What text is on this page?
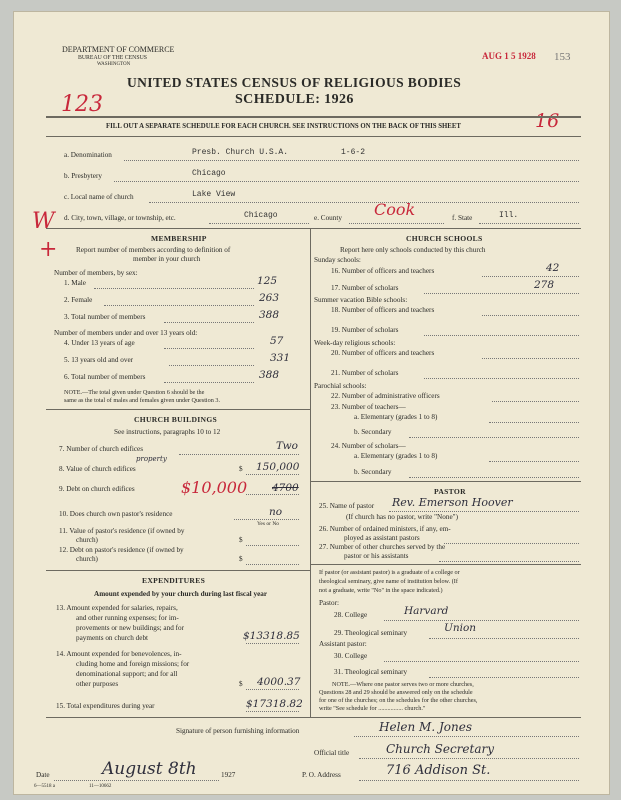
DEPARTMENT OF COMMERCE
BUREAU OF THE CENSUS
WASHINGTON
AUG 1 5 1928 153
UNITED STATES CENSUS OF RELIGIOUS BODIES
SCHEDULE: 1926
123
16
FILL OUT A SEPARATE SCHEDULE FOR EACH CHURCH. SEE INSTRUCTIONS ON THE BACK OF THIS SHEET
a. Denomination	Presb. Church U.S.A.	1-6-2
b. Presbytery	Chicago
c. Local name of church	Lake View
d. City, town, village, or township, etc.	Chicago	e. County Cook	f. State	Ill.
W
+	MEMBERSHIP
Report number of members according to definition of
member in your church
Number of members, by sex:
1. Male	125
2. Female	263
3. Total number of members	388
Number of members under and over 13 years old:
4. Under 13 years of age	57
5. 13 years old and over	331
6. Total number of members	388
NOTE.—The total given under Question 6 should be the
same as the total of males and females given under Question 3.
CHURCH BUILDINGS
See instructions, paragraphs 10 to 12
7. Number of church edifices	Two
8. Value of church edifices
property
$ 150,000
9. Debt on church edifices	$10,000 4700
10. Does church own pastor's residence	no
Yes or No
11. Value of pastor's residence (if owned by
church)	$
12. Debt on pastor's residence (if owned by
church)	$
EXPENDITURES
Amount expended by your church during last fiscal year
13. Amount expended for salaries, repairs,
and other running expenses; for im-
provements or new buildings; and for
payments on church debt	$13318.85
14. Amount expended for benevolences, in-
cluding home and foreign missions; for
denominational support; and for all
other purposes	$ 4000.37
15. Total expenditures during year	$17318.82
CHURCH SCHOOLS
Report here only schools conducted by this church
Sunday schools:
16. Number of officers and teachers	42
17. Number of scholars	278
Summer vacation Bible schools:
18. Number of officers and teachers
19. Number of scholars
Week-day religious schools:
20. Number of officers and teachers
21. Number of scholars
Parochial schools:
22. Number of administrative officers
23. Number of teachers—
a. Elementary (grades 1 to 8)
b. Secondary
24. Number of scholars—
a. Elementary (grades 1 to 8)
b. Secondary
PASTOR
25. Name of pastor Rev. Emerson Hoover
(If church has no pastor, write "None")
26. Number of ordained ministers, if any, em-
ployed as assistant pastors
27. Number of other churches served by the
pastor or his assistants
If pastor (or assistant pastor) is a graduate of a college or
theological seminary, give name of institution below. (If
not a graduate, write "No" in the space indicated.)
Pastor:
28. College	Harvard
29. Theological seminary	Union
Assistant pastor:
30. College
31. Theological seminary
NOTE.—Where one pastor serves two or more churches,
Questions 28 and 29 should be answered only on the schedule
for one of the churches; on the schedules for the other churches,
write "See schedule for ................ church."
Signature of person furnishing information	Helen M. Jones
Official title	Church Secretary
Date	August 8th	1927	P. O. Address	716 Addison St.
6—5518 a	11—10662
